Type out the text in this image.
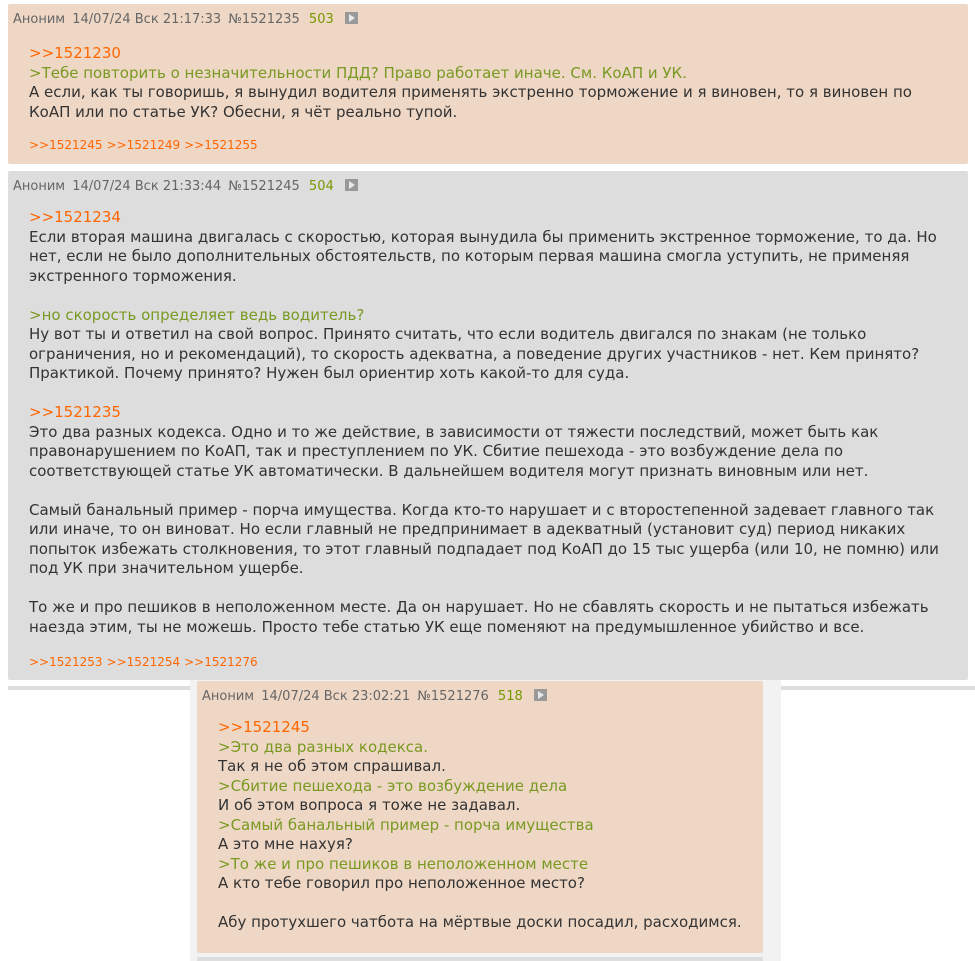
Аноним 14/07/24 Вск 21:17:33 №1521235 503
>>1521230
>Тебе повторить о незначительности ПДД? Право работает иначе. См. КоАП и УК.
А если, как ты говоришь, я вынудил водителя применять экстренно торможение и я виновен, то я виновен по
КоАП или по статье УК? Обесни, я чёт реально тупой.
>>1521245 >>1521249 >>1521255
Аноним 14/07/24 Вск 21:33:44 №1521245 504
>>1521234
Если вторая машина двигалась с скоростью, которая вынудила бы применить экстренное торможение, то да. Но
нет, если не было дополнительных обстоятельств, по которым первая машина смогла уступить, не применяя
экстренного торможения.
>но скорость определяет ведь водитель?
Ну вот ты и ответил на свой вопрос. Принято считать, что если водитель двигался по знакам (не только
ограничения, но и рекомендаций), то скорость адекватна, а поведение других участников - нет. Кем принято?
Практикой. Почему принято? Нужен был ориентир хоть какой-то для суда.
>>1521235
Это два разных кодекса. Одно и то же действие, в зависимости от тяжести последствий, может быть как
правонарушением по КоАП, так и преступлением по УК. Сбитие пешехода - это возбуждение дела по
соответствующей статье УК автоматически. В дальнейшем водителя могут признать виновным или нет.
Самый банальный пример - порча имущества. Когда кто-то нарушает и с второстепенной задевает главного так
или иначе, то он виноват. Но если главный не предпринимает в адекватный (установит суд) период никаких
попыток избежать столкновения, то этот главный подпадает под КоАП до 15 тыс ущерба (или 10, не помню) или
под УК при значительном ущербе.
То же и про пешиков в неположенном месте. Да он нарушает. Но не сбавлять скорость и не пытаться избежать
наезда этим, ты не можешь. Просто тебе статью УК еще поменяют на предумышленное убийство и все.
>>1521253 >>1521254 >>1521276
Аноним 14/07/24 Вск 23:02:21 №1521276 518
>>1521245
>Это два разных кодекса.
Так я не об этом спрашивал.
>Сбитие пешехода - это возбуждение дела
И об этом вопроса я тоже не задавал.
>Самый банальный пример - порча имущества
А это мне нахуя?
>То же и про пешиков в неположенном месте
А кто тебе говорил про неположенное место?
Абу протухшего чатбота на мёртвые доски посадил, расходимся.
